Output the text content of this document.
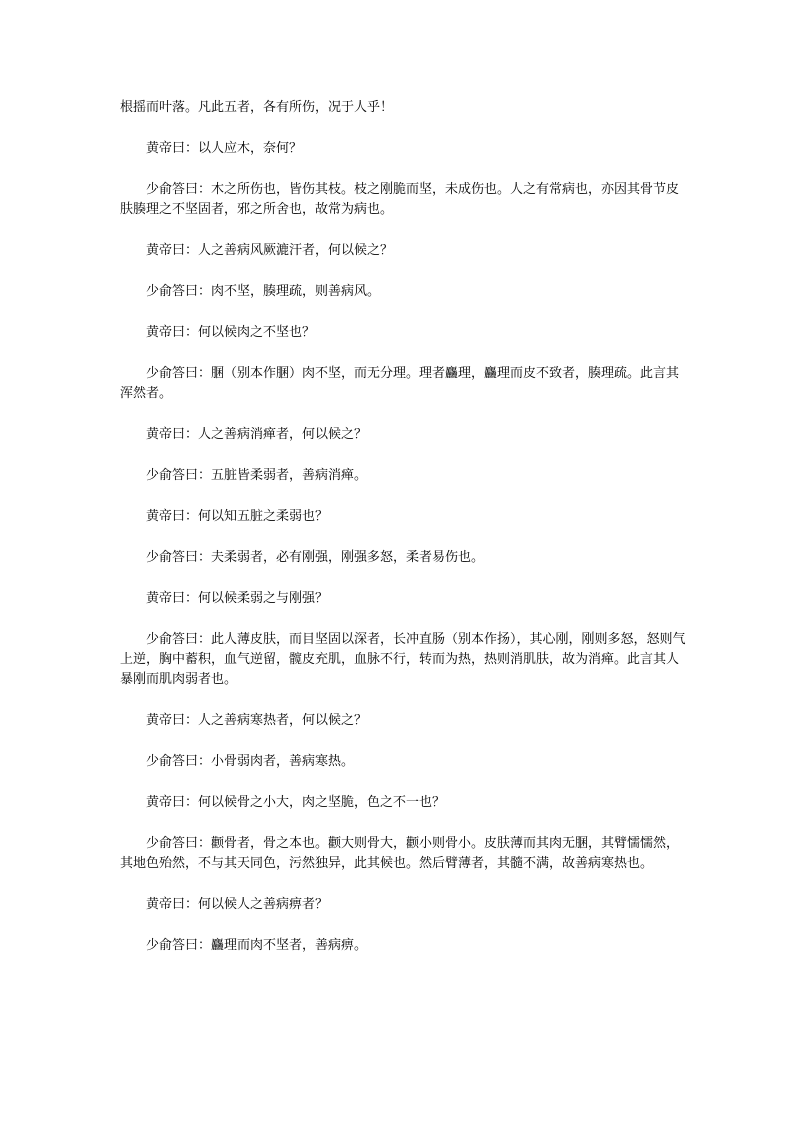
根摇而叶落。凡此五者，各有所伤，况于人乎！

黄帝曰：以人应木，奈何？

少俞答曰：木之所伤也，皆伤其枝。枝之刚脆而坚，未成伤也。人之有常病也，亦因其骨节皮肤腠理之不坚固者，邪之所舍也，故常为病也。

黄帝曰：人之善病风厥漉汗者，何以候之？

少俞答曰：肉不坚，腠理疏，则善病风。

黄帝曰：何以候肉之不坚也？

少俞答曰：䐃（别本作䐃）肉不坚，而无分理。理者麤理，麤理而皮不致者，腠理疏。此言其浑然者。

黄帝曰：人之善病消瘅者，何以候之？

少俞答曰：五脏皆柔弱者，善病消瘅。

黄帝曰：何以知五脏之柔弱也？

少俞答曰：夫柔弱者，必有刚强，刚强多怒，柔者易伤也。

黄帝曰：何以候柔弱之与刚强？

少俞答曰：此人薄皮肤，而目坚固以深者，长冲直肠（别本作扬），其心刚，刚则多怒，怒则气上逆，胸中蓄积，血气逆留，髋皮充肌，血脉不行，转而为热，热则消肌肤，故为消瘅。此言其人暴刚而肌肉弱者也。

黄帝曰：人之善病寒热者，何以候之？

少俞答曰：小骨弱肉者，善病寒热。

黄帝曰：何以候骨之小大，肉之坚脆，色之不一也？

少俞答曰：颧骨者，骨之本也。颧大则骨大，颧小则骨小。皮肤薄而其肉无䐃，其臂懦懦然，其地色殆然，不与其天同色，污然独异，此其候也。然后臂薄者，其髓不满，故善病寒热也。

黄帝曰：何以候人之善病痹者？

少俞答曰：麤理而肉不坚者，善病痹。
